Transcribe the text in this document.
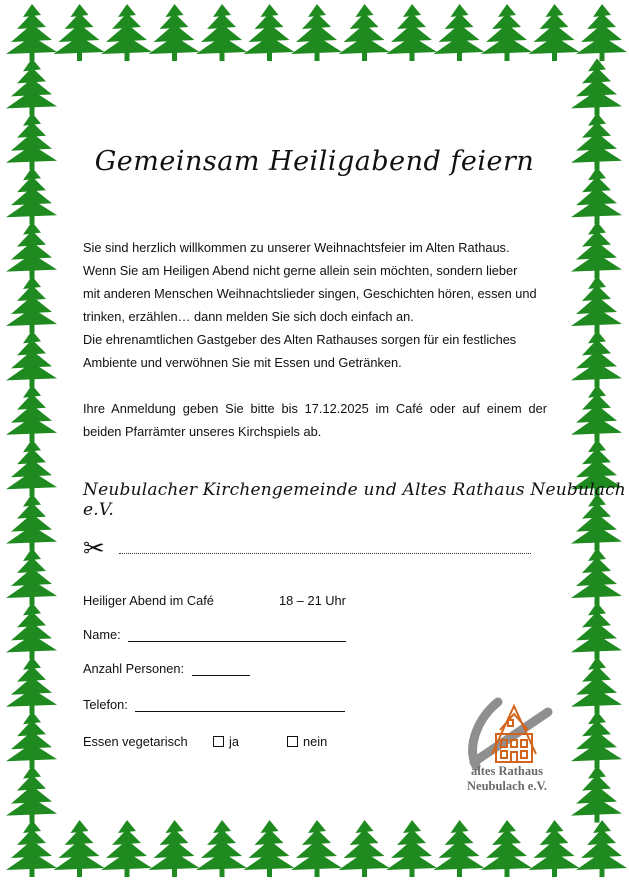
Gemeinsam Heiligabend feiern

Sie sind herzlich willkommen zu unserer Weihnachtsfeier im Alten Rathaus.

Wenn Sie am Heiligen Abend nicht gerne allein sein möchten, sondern lieber

mit anderen Menschen Weihnachtslieder singen, Geschichten hören, essen und

trinken, erzählen… dann melden Sie sich doch einfach an.

Die ehrenamtlichen Gastgeber des Alten Rathauses sorgen für ein festliches

Ambiente und verwöhnen Sie mit Essen und Getränken.

Ihre Anmeldung geben Sie bitte bis 17.12.2025 im Café oder auf einem der beiden Pfarrämter unseres Kirchspiels ab.
Neubulacher Kirchengemeinde und Altes Rathaus Neubulach e.V.
✂
Heiliger Abend im Café	18 – 21 Uhr
Name:
Anzahl Personen:
Telefon:
Essen vegetarisch	ja	nein
altes Rathaus
Neubulach e.V.
